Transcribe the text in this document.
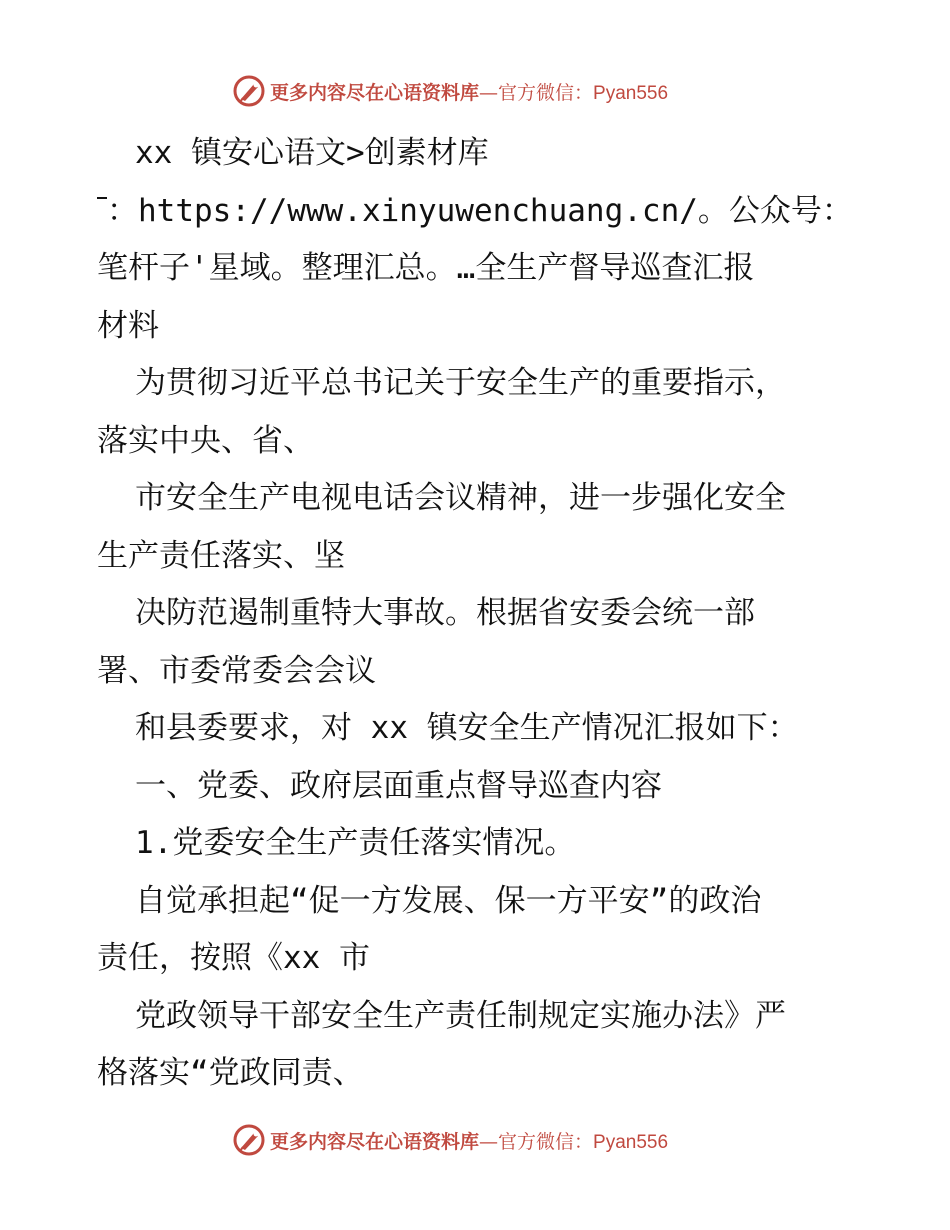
更多内容尽在心语资料库—官方微信：Pyan556
xx 镇安心语文>创素材库
：https://www.xinyuwenchuang.cn/。公众号：
笔杆子'星域。整理汇总。…全生产督导巡查汇报
材料
为贯彻习近平总书记关于安全生产的重要指示，
落实中央、省、
市安全生产电视电话会议精神，进一步强化安全
生产责任落实、坚
决防范遏制重特大事故。根据省安委会统一部
署、市委常委会会议
和县委要求，对 xx 镇安全生产情况汇报如下：
一、党委、政府层面重点督导巡查内容
1.党委安全生产责任落实情况。
自觉承担起“促一方发展、保一方平安”的政治
责任，按照《xx 市
党政领导干部安全生产责任制规定实施办法》严
格落实“党政同责、
更多内容尽在心语资料库—官方微信：Pyan556
